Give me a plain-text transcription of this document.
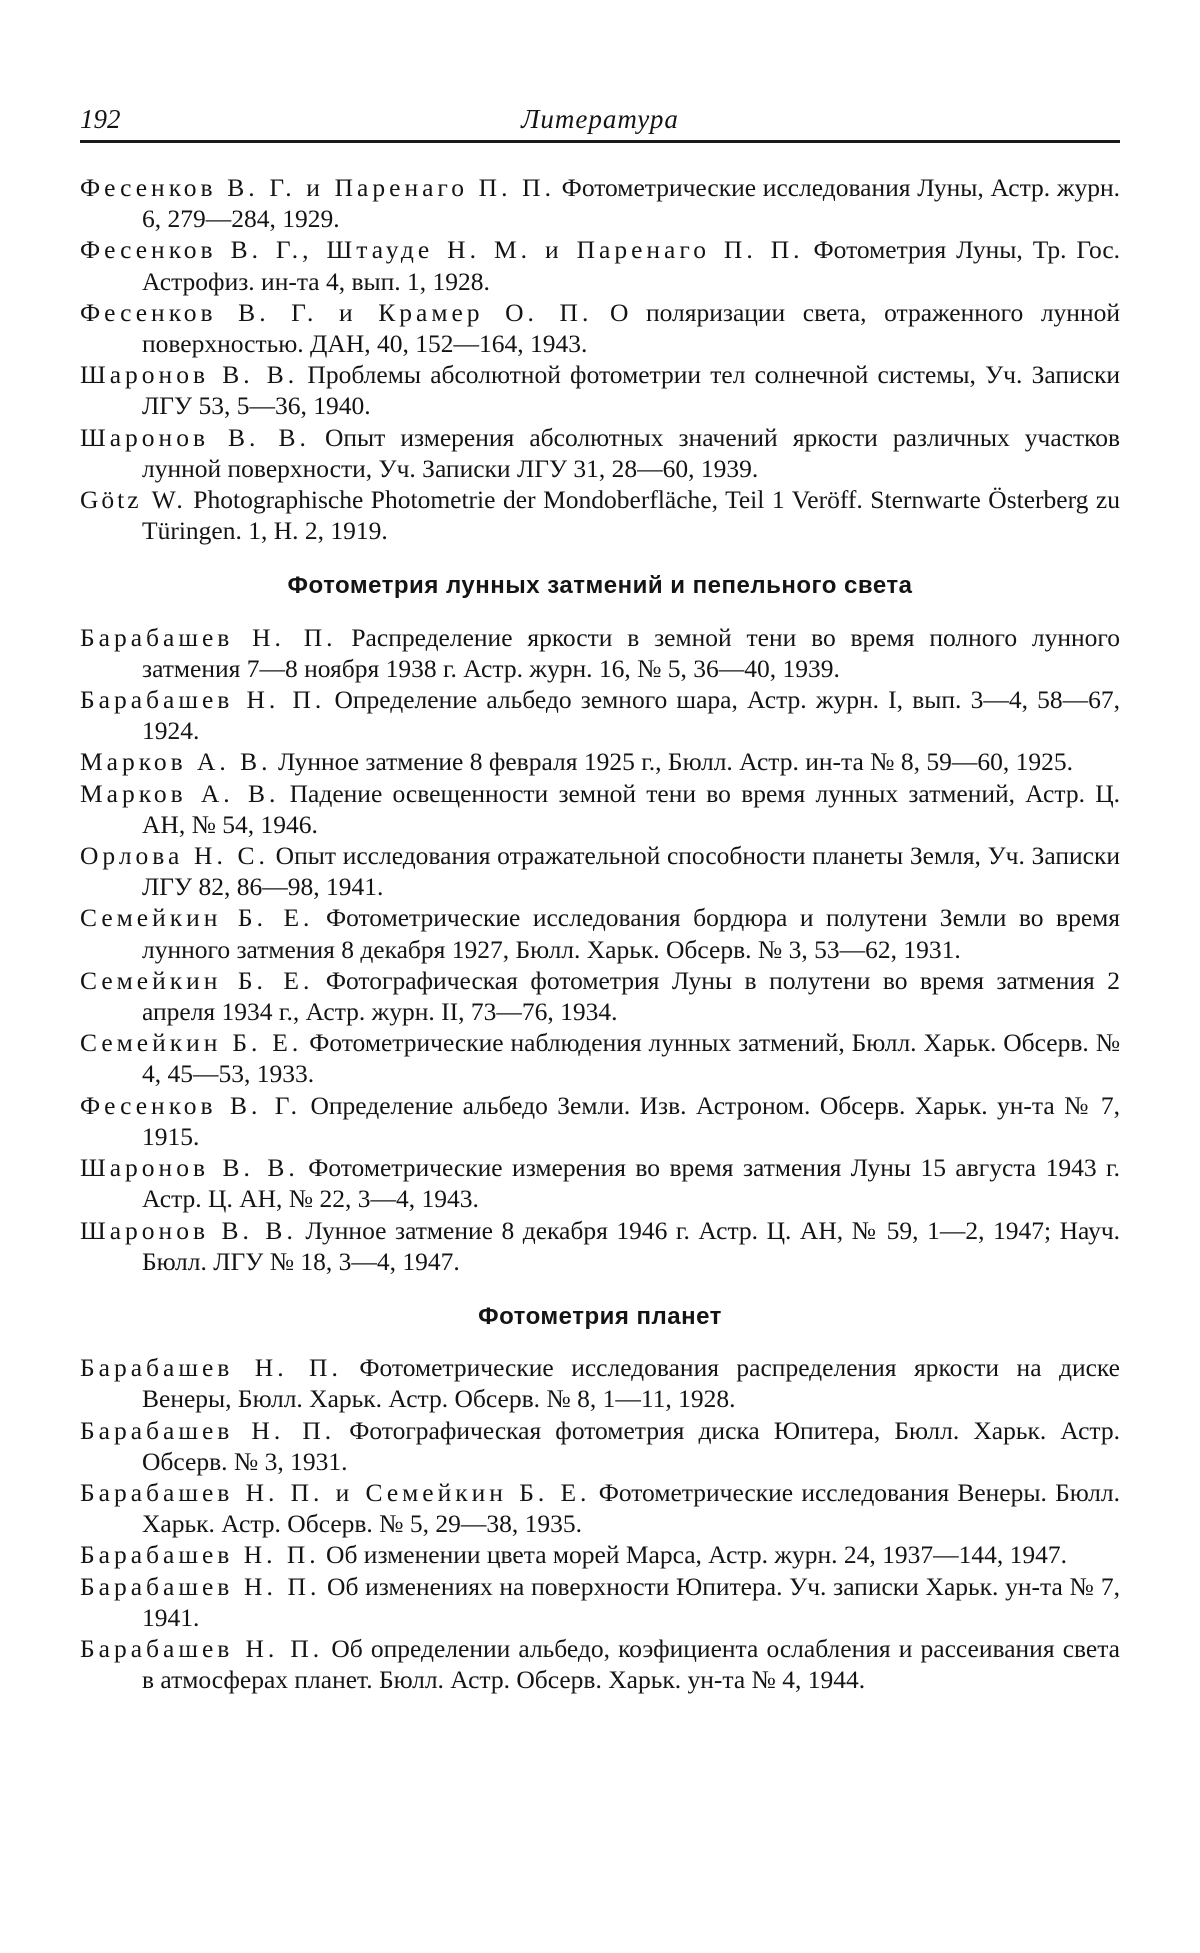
192	Литература

Фесенков В. Г. и Паренаго П. П. Фотометрические исследования Луны, Астр. журн. 6, 279—284, 1929.

Фесенков В. Г., Штауде Н. М. и Паренаго П. П. Фотометрия Луны, Тр. Гос. Астрофиз. ин-та 4, вып. 1, 1928.

Фесенков В. Г. и Крамер О. П. О поляризации света, отраженного лунной поверхностью. ДАН, 40, 152—164, 1943.

Шаронов В. В. Проблемы абсолютной фотометрии тел солнечной системы, Уч. Записки ЛГУ 53, 5—36, 1940.

Шаронов В. В. Опыт измерения абсолютных значений яркости различных участков лунной поверхности, Уч. Записки ЛГУ 31, 28—60, 1939.

Götz W. Photographische Photometrie der Mondoberfläche, Teil 1 Veröff. Sternwarte Österberg zu Türingen. 1, H. 2, 1919.

Фотометрия лунных затмений и пепельного света

Барабашев Н. П. Распределение яркости в земной тени во время полного лунного затмения 7—8 ноября 1938 г. Астр. журн. 16, № 5, 36—40, 1939.

Барабашев Н. П. Определение альбедо земного шара, Астр. журн. I, вып. 3—4, 58—67, 1924.

Марков А. В. Лунное затмение 8 февраля 1925 г., Бюлл. Астр. ин-та № 8, 59—60, 1925.

Марков А. В. Падение освещенности земной тени во время лунных затмений, Астр. Ц. АН, № 54, 1946.

Орлова Н. С. Опыт исследования отражательной способности планеты Земля, Уч. Записки ЛГУ 82, 86—98, 1941.

Семейкин Б. Е. Фотометрические исследования бордюра и полутени Земли во время лунного затмения 8 декабря 1927, Бюлл. Харьк. Обсерв. № 3, 53—62, 1931.

Семейкин Б. Е. Фотографическая фотометрия Луны в полутени во время затмения 2 апреля 1934 г., Астр. журн. II, 73—76, 1934.

Семейкин Б. Е. Фотометрические наблюдения лунных затмений, Бюлл. Харьк. Обсерв. № 4, 45—53, 1933.

Фесенков В. Г. Определение альбедо Земли. Изв. Астроном. Обсерв. Харьк. ун-та № 7, 1915.

Шаронов В. В. Фотометрические измерения во время затмения Луны 15 августа 1943 г. Астр. Ц. АН, № 22, 3—4, 1943.

Шаронов В. В. Лунное затмение 8 декабря 1946 г. Астр. Ц. АН, № 59, 1—2, 1947; Науч. Бюлл. ЛГУ № 18, 3—4, 1947.

Фотометрия планет

Барабашев Н. П. Фотометрические исследования распределения яркости на диске Венеры, Бюлл. Харьк. Астр. Обсерв. № 8, 1—11, 1928.

Барабашев Н. П. Фотографическая фотометрия диска Юпитера, Бюлл. Харьк. Астр. Обсерв. № 3, 1931.

Барабашев Н. П. и Семейкин Б. Е. Фотометрические исследования Венеры. Бюлл. Харьк. Астр. Обсерв. № 5, 29—38, 1935.

Барабашев Н. П. Об изменении цвета морей Марса, Астр. журн. 24, 1937—144, 1947.

Барабашев Н. П. Об изменениях на поверхности Юпитера. Уч. записки Харьк. ун-та № 7, 1941.

Барабашев Н. П. Об определении альбедо, коэфициента ослабления и рассеивания света в атмосферах планет. Бюлл. Астр. Обсерв. Харьк. ун-та № 4, 1944.
